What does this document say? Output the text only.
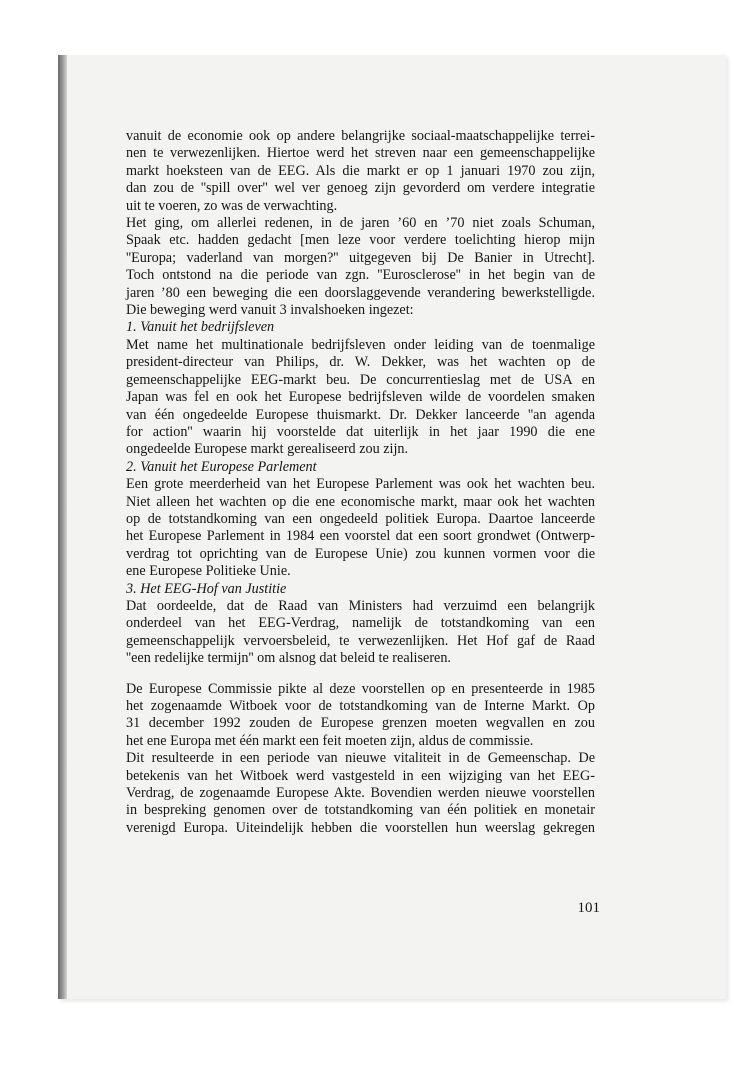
vanuit de economie ook op andere belangrijke sociaal-maatschappelijke terrei-

nen te verwezenlijken. Hiertoe werd het streven naar een gemeenschappelijke

markt hoeksteen van de EEG. Als die markt er op 1 januari 1970 zou zijn,

dan zou de ''spill over'' wel ver genoeg zijn gevorderd om verdere integratie

uit te voeren, zo was de verwachting.

Het ging, om allerlei redenen, in de jaren ’60 en ’70 niet zoals Schuman,

Spaak etc. hadden gedacht [men leze voor verdere toelichting hierop mijn

''Europa; vaderland van morgen?'' uitgegeven bij De Banier in Utrecht].

Toch ontstond na die periode van zgn. ''Eurosclerose'' in het begin van de

jaren ’80 een beweging die een doorslaggevende verandering bewerkstelligde.

Die beweging werd vanuit 3 invalshoeken ingezet:

1. Vanuit het bedrijfsleven

Met name het multinationale bedrijfsleven onder leiding van de toenmalige

president-directeur van Philips, dr. W. Dekker, was het wachten op de

gemeenschappelijke EEG-markt beu. De concurrentieslag met de USA en

Japan was fel en ook het Europese bedrijfsleven wilde de voordelen smaken

van één ongedeelde Europese thuismarkt. Dr. Dekker lanceerde ''an agenda

for action'' waarin hij voorstelde dat uiterlijk in het jaar 1990 die ene

ongedeelde Europese markt gerealiseerd zou zijn.

2. Vanuit het Europese Parlement

Een grote meerderheid van het Europese Parlement was ook het wachten beu.

Niet alleen het wachten op die ene economische markt, maar ook het wachten

op de totstandkoming van een ongedeeld politiek Europa. Daartoe lanceerde

het Europese Parlement in 1984 een voorstel dat een soort grondwet (Ontwerp-

verdrag tot oprichting van de Europese Unie) zou kunnen vormen voor die

ene Europese Politieke Unie.

3. Het EEG-Hof van Justitie

Dat oordeelde, dat de Raad van Ministers had verzuimd een belangrijk

onderdeel van het EEG-Verdrag, namelijk de totstandkoming van een

gemeenschappelijk vervoersbeleid, te verwezenlijken. Het Hof gaf de Raad

''een redelijke termijn'' om alsnog dat beleid te realiseren.

De Europese Commissie pikte al deze voorstellen op en presenteerde in 1985

het zogenaamde Witboek voor de totstandkoming van de Interne Markt. Op

31 december 1992 zouden de Europese grenzen moeten wegvallen en zou

het ene Europa met één markt een feit moeten zijn, aldus de commissie.

Dit resulteerde in een periode van nieuwe vitaliteit in de Gemeenschap. De

betekenis van het Witboek werd vastgesteld in een wijziging van het EEG-

Verdrag, de zogenaamde Europese Akte. Bovendien werden nieuwe voorstellen

in bespreking genomen over de totstandkoming van één politiek en monetair

verenigd Europa. Uiteindelijk hebben die voorstellen hun weerslag gekregen

101
